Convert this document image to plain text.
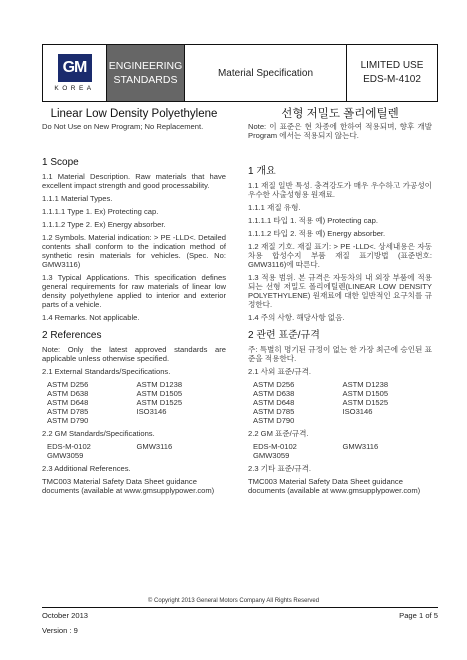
GM
KOREA
ENGINEERING STANDARDS
Material Specification
LIMITED USE
EDS-M-4102
Linear Low Density Polyethylene
Do Not Use on New Program; No Replacement.
1 Scope

1.1 Material Description. Raw materials that have excellent impact strength and good processability.

1.1.1 Material Types.

1.1.1.1 Type 1. Ex) Protecting cap.

1.1.1.2 Type 2. Ex) Energy absorber.

1.2 Symbols. Material indication: > PE -LLD<. Detailed contents shall conform to the indication method of synthetic resin materials for vehicles. (Spec. No: GMW3116)

1.3 Typical Applications. This specification defines general requirements for raw materials of linear low density polyethylene applied to interior and exterior parts of a vehicle.

1.4 Remarks. Not applicable.

2 References

Note: Only the latest approved standards are applicable unless otherwise specified.

2.1 External Standards/Specifications.

ASTM D256	ASTM D1238
ASTM D638	ASTM D1505
ASTM D648	ASTM D1525
ASTM D785	ISO3146
ASTM D790

2.2 GM Standards/Specifications.

EDS-M-0102	GMW3116
GMW3059

2.3 Additional References.

TMC003 Material Safety Data Sheet guidance documents (available at www.gmsupplypower.com)

선형 저밀도 폴리에틸렌
Note: 이 표준은 현 차종에 한하여 적용되며, 향후 개발 Program 에서는 적용되지 않는다.
1 개요

1.1 재질 일반 특성. 충격강도가 매우 우수하고 가공성이 우수한 사출성형용 원재료.

1.1.1 재질 유형.

1.1.1.1 타입 1. 적용 예) Protecting cap.

1.1.1.2 타입 2. 적용 예) Energy absorber.

1.2 재질 기호. 재질 표기: > PE -LLD<. 상세내용은 자동차용 합성수지 부품 재질 표기방법 (표준번호: GMW3116)에 따른다.

1.3 적용 범위. 본 규격은 자동차의 내 외장 부품에 적용되는 선형 저밀도 폴리에틸렌(LINEAR LOW DENSITY POLYETHYLENE) 원재료에 대한 일반적인 요구치를 규정한다.

1.4 주의 사항. 해당사항 없음.

2 관련 표준/규격

주: 특별히 명기된 규정이 없는 한 가장 최근에 승인된 표준을 적용한다.

2.1 사외 표준/규격.

ASTM D256	ASTM D1238
ASTM D638	ASTM D1505
ASTM D648	ASTM D1525
ASTM D785	ISO3146
ASTM D790

2.2 GM 표준/규격.

EDS-M-0102	GMW3116
GMW3059

2.3 기타 표준/규격.

TMC003 Material Safety Data Sheet guidance documents (available at www.gmsupplypower.com)

© Copyright 2013 General Motors Company All Rights Reserved
October 2013	Page 1 of 5
Version : 9
